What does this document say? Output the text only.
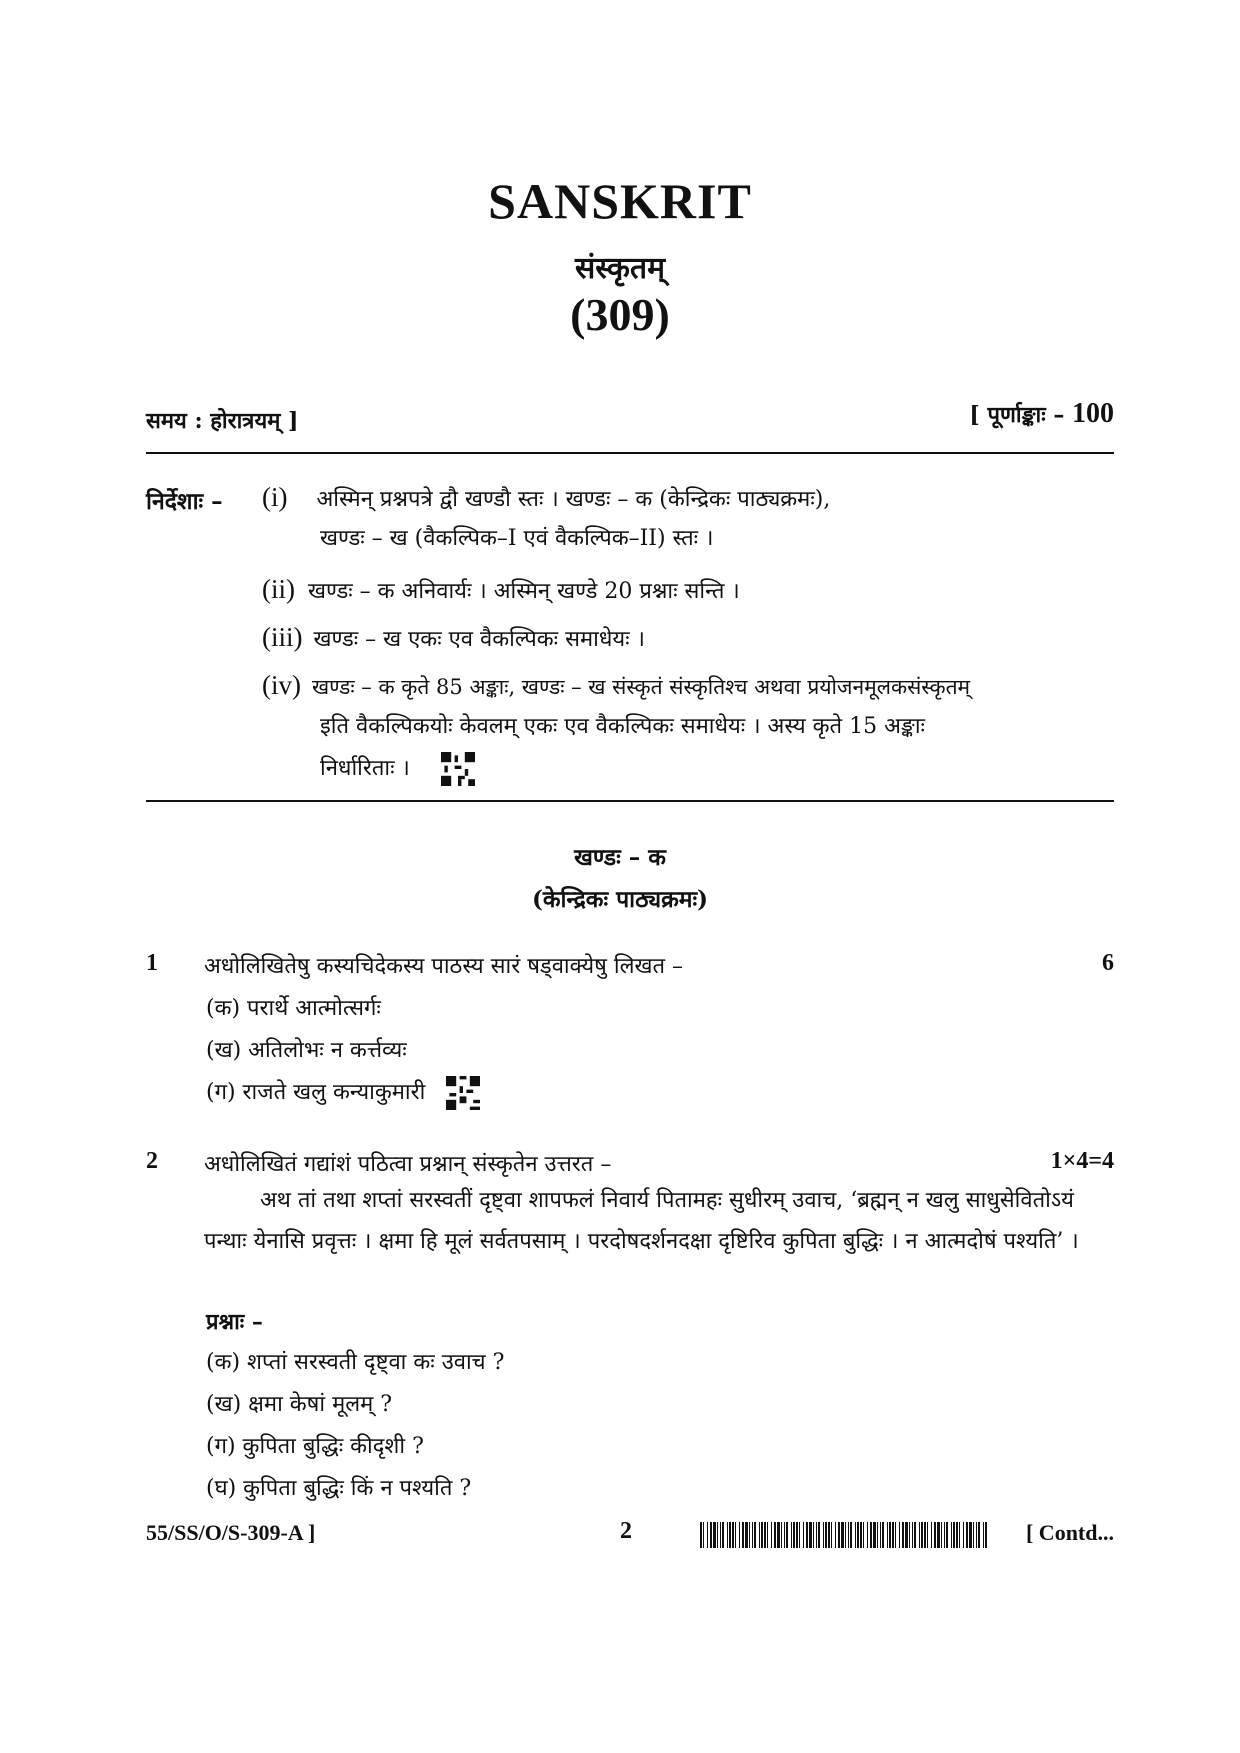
SANSKRIT
संस्कृतम्
(309)
समय : होरात्रयम् ]	[ पूर्णाङ्काः – 100
निर्देशाः – (i) अस्मिन् प्रश्नपत्रे द्वौ खण्डौ स्तः । खण्डः – क (केन्द्रिकः पाठ्यक्रमः),
खण्डः – ख (वैकल्पिक–I एवं वैकल्पिक–II) स्तः ।
(ii) खण्डः – क अनिवार्यः । अस्मिन् खण्डे 20 प्रश्नाः सन्ति ।
(iii) खण्डः – ख एकः एव वैकल्पिकः समाधेयः ।
(iv) खण्डः – क कृते 85 अङ्काः, खण्डः – ख संस्कृतं संस्कृतिश्च अथवा प्रयोजनमूलकसंस्कृतम्
इति वैकल्पिकयोः केवलम् एकः एव वैकल्पिकः समाधेयः । अस्य कृते 15 अङ्काः
निर्धारिताः ।
खण्डः – क
(केन्द्रिकः पाठ्यक्रमः)
1 अधोलिखितेषु कस्यचिदेकस्य पाठस्य सारं षड्वाक्येषु लिखत –	6
(क) परार्थे आत्मोत्सर्गः
(ख) अतिलोभः न कर्त्तव्यः
(ग) राजते खलु कन्याकुमारी
2 अधोलिखितं गद्यांशं पठित्वा प्रश्नान् संस्कृतेन उत्तरत –	1×4=4
अथ तां तथा शप्तां सरस्वतीं दृष्ट्वा शापफलं निवार्य पितामहः सुधीरम् उवाच, ‘ब्रह्मन् न खलु साधुसेवितोऽयं पन्थाः येनासि प्रवृत्तः । क्षमा हि मूलं सर्वतपसाम् । परदोषदर्शनदक्षा दृष्टिरिव कुपिता बुद्धिः । न आत्मदोषं पश्यति’ ।
प्रश्नाः –
(क) शप्तां सरस्वती दृष्ट्वा कः उवाच ?
(ख) क्षमा केषां मूलम् ?
(ग) कुपिता बुद्धिः कीदृशी ?
(घ) कुपिता बुद्धिः किं न पश्यति ?
55/SS/O/S-309-A ]	2	[ Contd...
